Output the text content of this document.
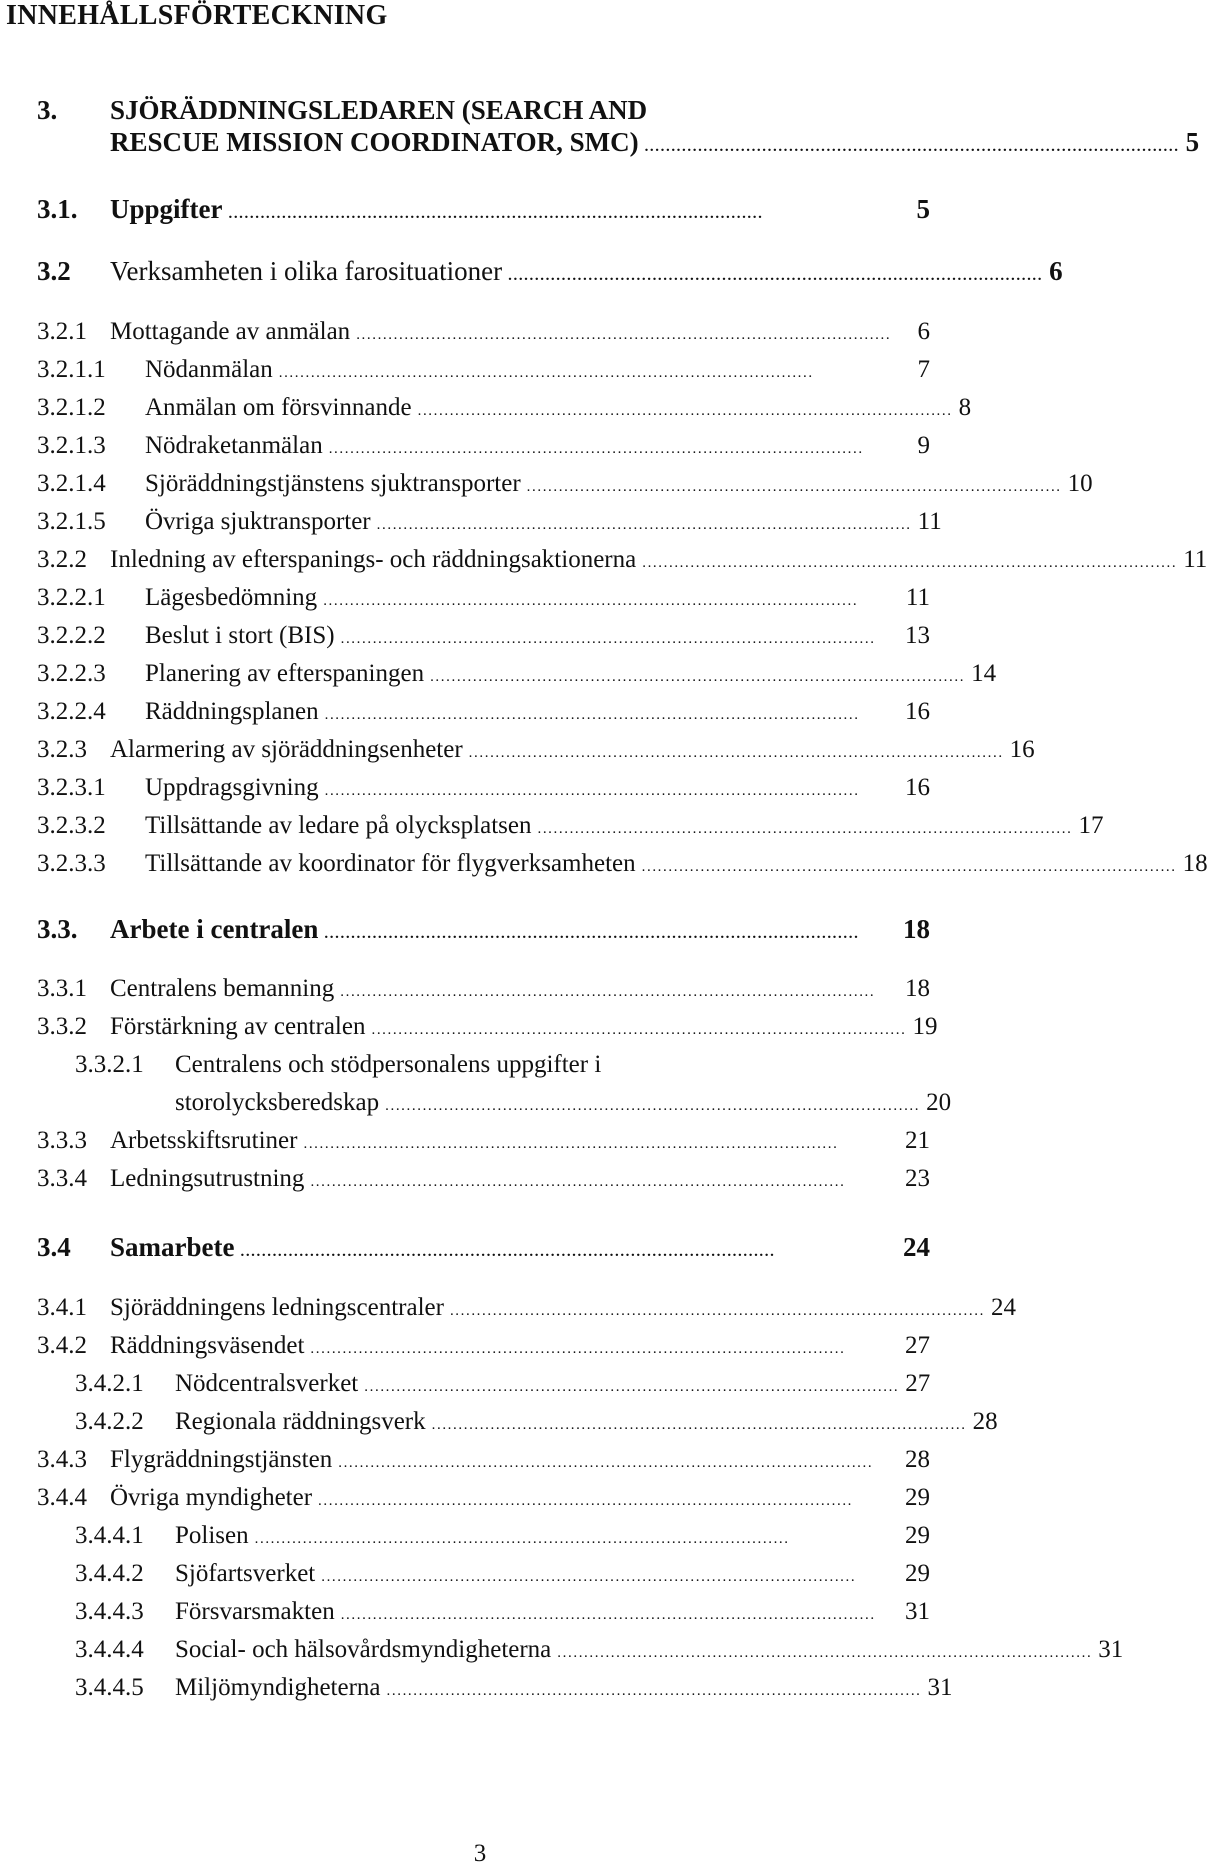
INNEHÅLLSFÖRTECKNING
3.	SJÖRÄDDNINGSLEDAREN (SEARCH AND
RESCUE MISSION COORDINATOR, SMC) .................................................................................................... 5
3.1.	Uppgifter ....................................................................................................	5
3.2	Verksamheten i olika farosituationer .................................................................................................... 6
3.2.1 Mottagande av anmälan ....................................................................................................	6
3.2.1.1	Nödanmälan ....................................................................................................	7
3.2.1.2	Anmälan om försvinnande .................................................................................................... 8
3.2.1.3	Nödraketanmälan ....................................................................................................	9
3.2.1.4	Sjöräddningstjänstens sjuktransporter .................................................................................................... 10
3.2.1.5	Övriga sjuktransporter .................................................................................................... 11
3.2.2 Inledning av efterspanings- och räddningsaktionerna .................................................................................................... 11
3.2.2.1	Lägesbedömning ....................................................................................................	11
3.2.2.2	Beslut i stort (BIS) ....................................................................................................	13
3.2.2.3	Planering av efterspaningen .................................................................................................... 14
3.2.2.4	Räddningsplanen ....................................................................................................	16
3.2.3 Alarmering av sjöräddningsenheter .................................................................................................... 16
3.2.3.1	Uppdragsgivning ....................................................................................................	16
3.2.3.2	Tillsättande av ledare på olycksplatsen .................................................................................................... 17
3.2.3.3	Tillsättande av koordinator för flygverksamheten .................................................................................................... 18
3.3.	Arbete i centralen ....................................................................................................	18
3.3.1 Centralens bemanning ....................................................................................................	18
3.3.2 Förstärkning av centralen .................................................................................................... 19
3.3.2.1	Centralens och stödpersonalens uppgifter i
storolycksberedskap .................................................................................................... 20
3.3.3 Arbetsskiftsrutiner ....................................................................................................	21
3.3.4 Ledningsutrustning ....................................................................................................	23
3.4	Samarbete ....................................................................................................	24
3.4.1 Sjöräddningens ledningscentraler .................................................................................................... 24
3.4.2 Räddningsväsendet ....................................................................................................	27
3.4.2.1	Nödcentralsverket .................................................................................................... 27
3.4.2.2	Regionala räddningsverk .................................................................................................... 28
3.4.3 Flygräddningstjänsten ....................................................................................................	28
3.4.4 Övriga myndigheter ....................................................................................................	29
3.4.4.1	Polisen ....................................................................................................	29
3.4.4.2	Sjöfartsverket ....................................................................................................	29
3.4.4.3	Försvarsmakten ....................................................................................................	31
3.4.4.4	Social- och hälsovårdsmyndigheterna .................................................................................................... 31
3.4.4.5	Miljömyndigheterna .................................................................................................... 31
3
